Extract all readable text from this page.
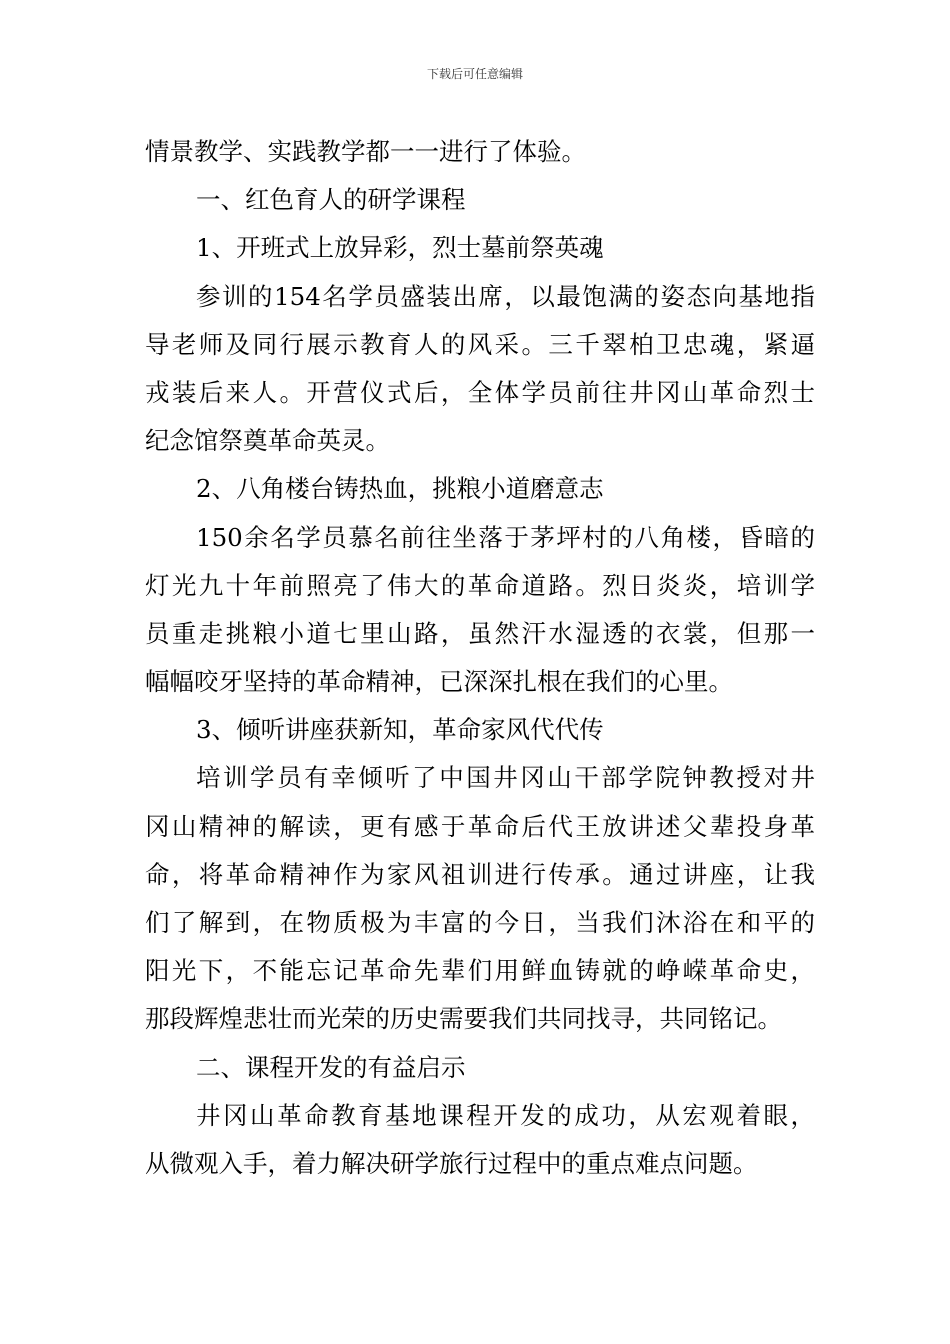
下载后可任意编辑
情景教学、实践教学都一一进行了体验。
一、红色育人的研学课程
1、开班式上放异彩，烈士墓前祭英魂
参训的154名学员盛装出席，以最饱满的姿态向基地指
导老师及同行展示教育人的风采。三千翠柏卫忠魂，紧逼
戎装后来人。开营仪式后，全体学员前往井冈山革命烈士
纪念馆祭奠革命英灵。
2、八角楼台铸热血，挑粮小道磨意志
150余名学员慕名前往坐落于茅坪村的八角楼，昏暗的
灯光九十年前照亮了伟大的革命道路。烈日炎炎，培训学
员重走挑粮小道七里山路，虽然汗水湿透的衣裳，但那一
幅幅咬牙坚持的革命精神，已深深扎根在我们的心里。
3、倾听讲座获新知，革命家风代代传
培训学员有幸倾听了中国井冈山干部学院钟教授对井
冈山精神的解读，更有感于革命后代王放讲述父辈投身革
命，将革命精神作为家风祖训进行传承。通过讲座，让我
们了解到，在物质极为丰富的今日，当我们沐浴在和平的
阳光下，不能忘记革命先辈们用鲜血铸就的峥嵘革命史，
那段辉煌悲壮而光荣的历史需要我们共同找寻，共同铭记。
二、课程开发的有益启示
井冈山革命教育基地课程开发的成功，从宏观着眼，
从微观入手，着力解决研学旅行过程中的重点难点问题。
